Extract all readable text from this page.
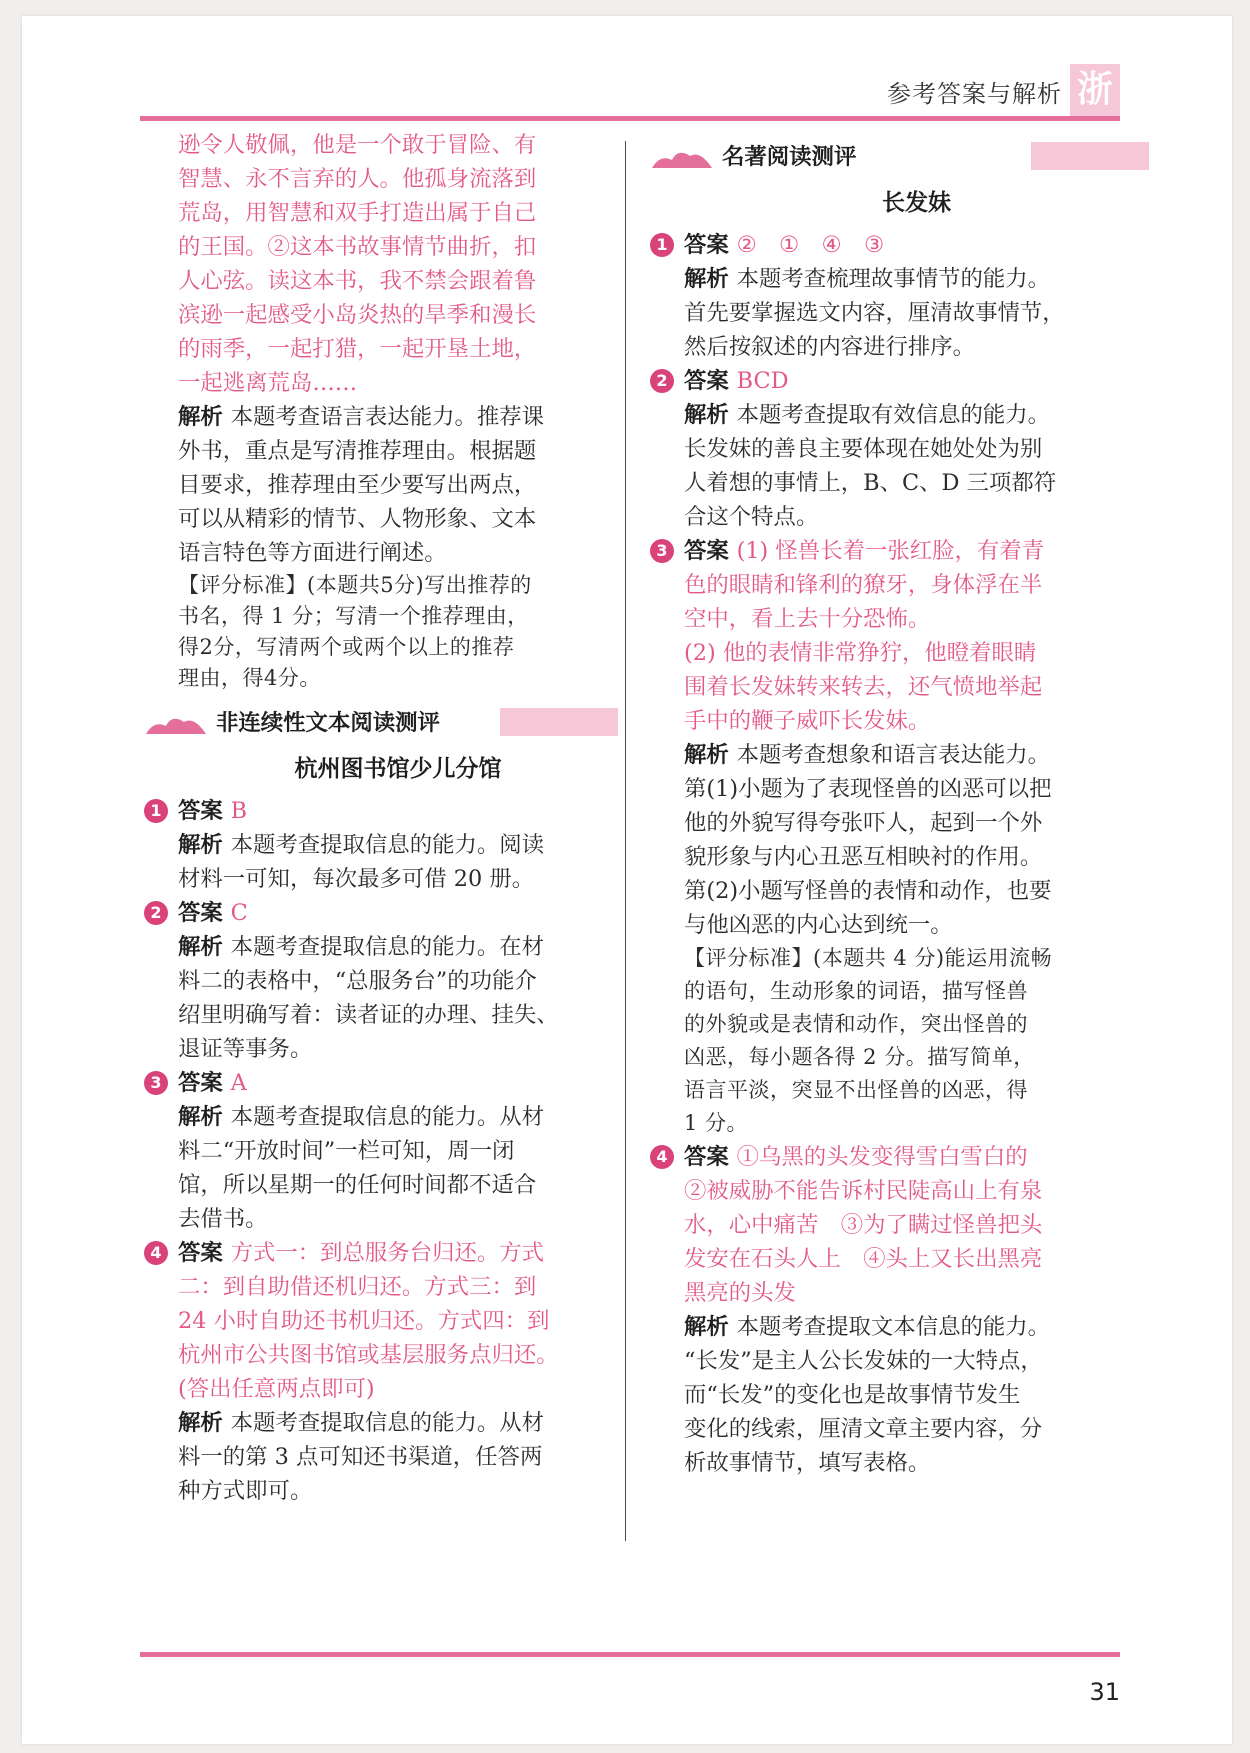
参考答案与解析 浙
逊令人敬佩，他是一个敢于冒险、有
智慧、永不言弃的人。他孤身流落到
荒岛，用智慧和双手打造出属于自己
的王国。②这本书故事情节曲折，扣
人心弦。读这本书，我不禁会跟着鲁
滨逊一起感受小岛炎热的旱季和漫长
的雨季，一起打猎，一起开垦土地，
一起逃离荒岛……
解析 本题考查语言表达能力。推荐课
外书，重点是写清推荐理由。根据题
目要求，推荐理由至少要写出两点，
可以从精彩的情节、人物形象、文本
语言特色等方面进行阐述。
【评分标准】(本题共5分)写出推荐的
书名，得 1 分；写清一个推荐理由，
得2分，写清两个或两个以上的推荐
理由，得4分。
非连续性文本阅读测评
杭州图书馆少儿分馆
1 答案 B
解析 本题考查提取信息的能力。阅读
材料一可知，每次最多可借 20 册。
2 答案 C
解析 本题考查提取信息的能力。在材
料二的表格中，“总服务台”的功能介
绍里明确写着：读者证的办理、挂失、
退证等事务。
3 答案 A
解析 本题考查提取信息的能力。从材
料二“开放时间”一栏可知，周一闭
馆，所以星期一的任何时间都不适合
去借书。
4 答案 方式一：到总服务台归还。方式
二：到自助借还机归还。方式三：到
24 小时自助还书机归还。方式四：到
杭州市公共图书馆或基层服务点归还。
(答出任意两点即可)
解析 本题考查提取信息的能力。从材
料一的第 3 点可知还书渠道，任答两
种方式即可。
名著阅读测评
长发妹
1 答案 ②　①　④　③
解析 本题考查梳理故事情节的能力。
首先要掌握选文内容，厘清故事情节，
然后按叙述的内容进行排序。
2 答案 BCD
解析 本题考查提取有效信息的能力。
长发妹的善良主要体现在她处处为别
人着想的事情上，B、C、D 三项都符
合这个特点。
3 答案 (1) 怪兽长着一张红脸，有着青
色的眼睛和锋利的獠牙，身体浮在半
空中，看上去十分恐怖。
(2) 他的表情非常狰狞，他瞪着眼睛
围着长发妹转来转去，还气愤地举起
手中的鞭子威吓长发妹。
解析 本题考查想象和语言表达能力。
第(1)小题为了表现怪兽的凶恶可以把
他的外貌写得夸张吓人，起到一个外
貌形象与内心丑恶互相映衬的作用。
第(2)小题写怪兽的表情和动作，也要
与他凶恶的内心达到统一。
【评分标准】(本题共 4 分)能运用流畅
的语句，生动形象的词语，描写怪兽
的外貌或是表情和动作，突出怪兽的
凶恶，每小题各得 2 分。描写简单，
语言平淡，突显不出怪兽的凶恶，得
1 分。
4 答案 ①乌黑的头发变得雪白雪白的
②被威胁不能告诉村民陡高山上有泉
水，心中痛苦　③为了瞒过怪兽把头
发安在石头人上　④头上又长出黑亮
黑亮的头发
解析 本题考查提取文本信息的能力。
“长发”是主人公长发妹的一大特点，
而“长发”的变化也是故事情节发生
变化的线索，厘清文章主要内容，分
析故事情节，填写表格。
31
